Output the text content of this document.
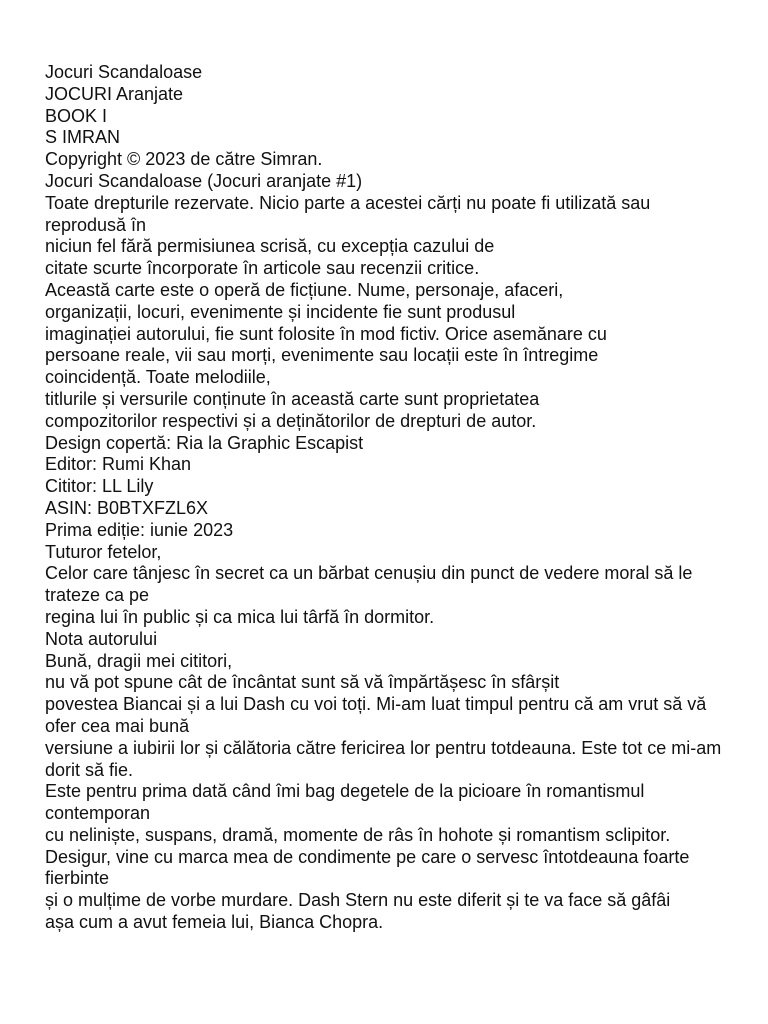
Jocuri Scandaloase
JOCURI Aranjate
BOOK I
S IMRAN
Copyright © 2023 de către Simran.
Jocuri Scandaloase (Jocuri aranjate #1)
Toate drepturile rezervate. Nicio parte a acestei cărți nu poate fi utilizată sau reprodusă în
niciun fel fără permisiunea scrisă, cu excepția cazului de
citate scurte încorporate în articole sau recenzii critice.
Această carte este o operă de ficțiune. Nume, personaje, afaceri,
organizații, locuri, evenimente și incidente fie sunt produsul
imaginației autorului, fie sunt folosite în mod fictiv. Orice asemănare cu
persoane reale, vii sau morți, evenimente sau locații este în întregime
coincidență. Toate melodiile,
titlurile și versurile conținute în această carte sunt proprietatea
compozitorilor respectivi și a deținătorilor de drepturi de autor.
Design copertă: Ria la Graphic Escapist
Editor: Rumi Khan
Cititor: LL Lily
ASIN: B0BTXFZL6X
Prima ediție: iunie 2023
Tuturor fetelor,
Celor care tânjesc în secret ca un bărbat cenușiu din punct de vedere moral să le trateze ca pe
regina lui în public și ca mica lui târfă în dormitor.
Nota autorului
Bună, dragii mei cititori,
nu vă pot spune cât de încântat sunt să vă împărtășesc în sfârșit
povestea Biancai și a lui Dash cu voi toți. Mi-am luat timpul pentru că am vrut să vă ofer cea mai bună
versiune a iubirii lor și călătoria către fericirea lor pentru totdeauna. Este tot ce mi-am dorit să fie.
Este pentru prima dată când îmi bag degetele de la picioare în romantismul contemporan
cu neliniște, suspans, dramă, momente de râs în hohote și romantism sclipitor.
Desigur, vine cu marca mea de condimente pe care o servesc întotdeauna foarte fierbinte
și o mulțime de vorbe murdare. Dash Stern nu este diferit și te va face să gâfâi
așa cum a avut femeia lui, Bianca Chopra.
